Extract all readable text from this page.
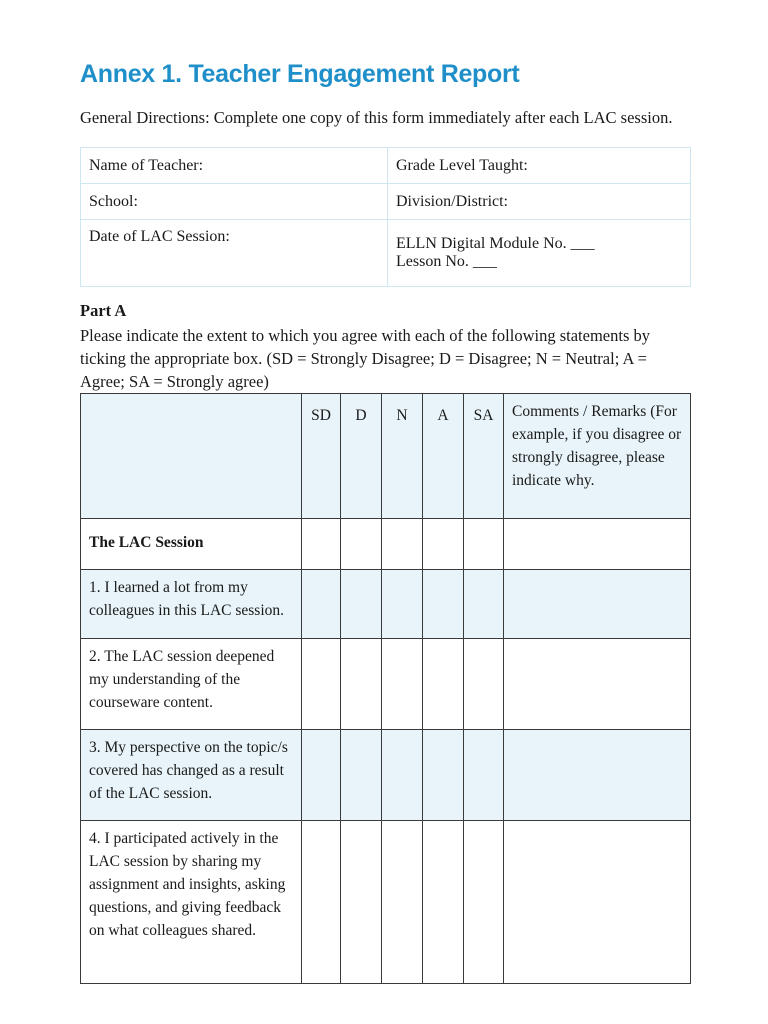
Annex 1. Teacher Engagement Report

General Directions: Complete one copy of this form immediately after each LAC session.

Name of Teacher:	Grade Level Taught:
School:	Division/District:
Date of LAC Session:	ELLN Digital Module No. ___
Lesson No. ___

Part A

Please indicate the extent to which you agree with each of the following statements by ticking the appropriate box. (SD = Strongly Disagree; D = Disagree; N = Neutral; A = Agree; SA = Strongly agree)

	SD	D	N	A	SA	Comments / Remarks (For example, if you disagree or strongly disagree, please indicate why.
The LAC Session						
1. I learned a lot from my colleagues in this LAC session.						
2. The LAC session deepened my understanding of the courseware content.						
3. My perspective on the topic/s covered has changed as a result of the LAC session.						
4. I participated actively in the LAC session by sharing my assignment and insights, asking questions, and giving feedback on what colleagues shared.						
